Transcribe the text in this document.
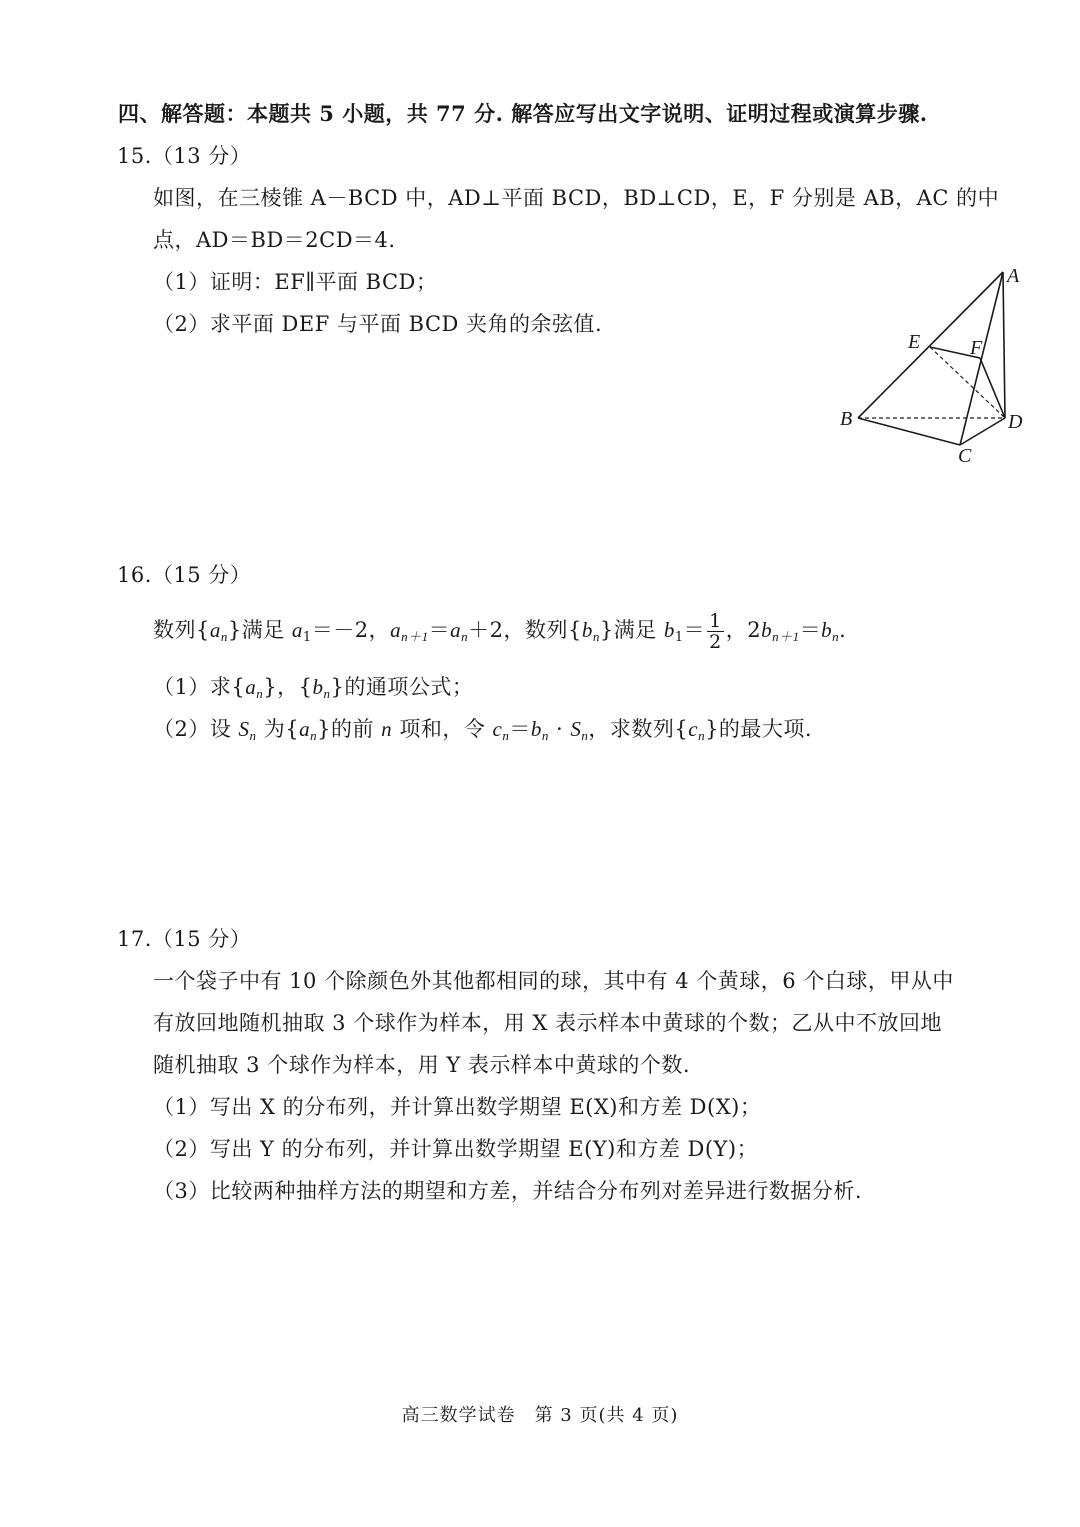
四、解答题：本题共 5 小题，共 77 分. 解答应写出文字说明、证明过程或演算步骤.
15.（13 分）
如图，在三棱锥 A－BCD 中，AD⊥平面 BCD，BD⊥CD，E，F 分别是 AB，AC 的中
点，AD＝BD＝2CD＝4.
（1）证明：EF∥平面 BCD；
（2）求平面 DEF 与平面 BCD 夹角的余弦值.
A
B
C
D
E F
16.（15 分）
数列$\{a_n\}$满足 $a_1=-2$，$a_{n+1}=a_n+2$，数列$\{b_n\}$满足 $b_1= \frac{1}{2}$ ，$2b_{n+1}=b_n$.
（1）求$\{a_n\}$，$\{b_n\}$的通项公式；
（2）设 $S_n$ 为$\{a_n\}$的前 n 项和，令 $c_n=b_n \cdot S_n$，求数列$\{c_n\}$的最大项.
17.（15 分）
一个袋子中有 10 个除颜色外其他都相同的球，其中有 4 个黄球，6 个白球，甲从中
有放回地随机抽取 3 个球作为样本，用 X 表示样本中黄球的个数；乙从中不放回地
随机抽取 3 个球作为样本，用 Y 表示样本中黄球的个数.
（1）写出 X 的分布列，并计算出数学期望 E(X)和方差 D(X)；
（2）写出 Y 的分布列，并计算出数学期望 E(Y)和方差 D(Y)；
（3）比较两种抽样方法的期望和方差，并结合分布列对差异进行数据分析.
高三数学试卷　第 3 页(共 4 页)
